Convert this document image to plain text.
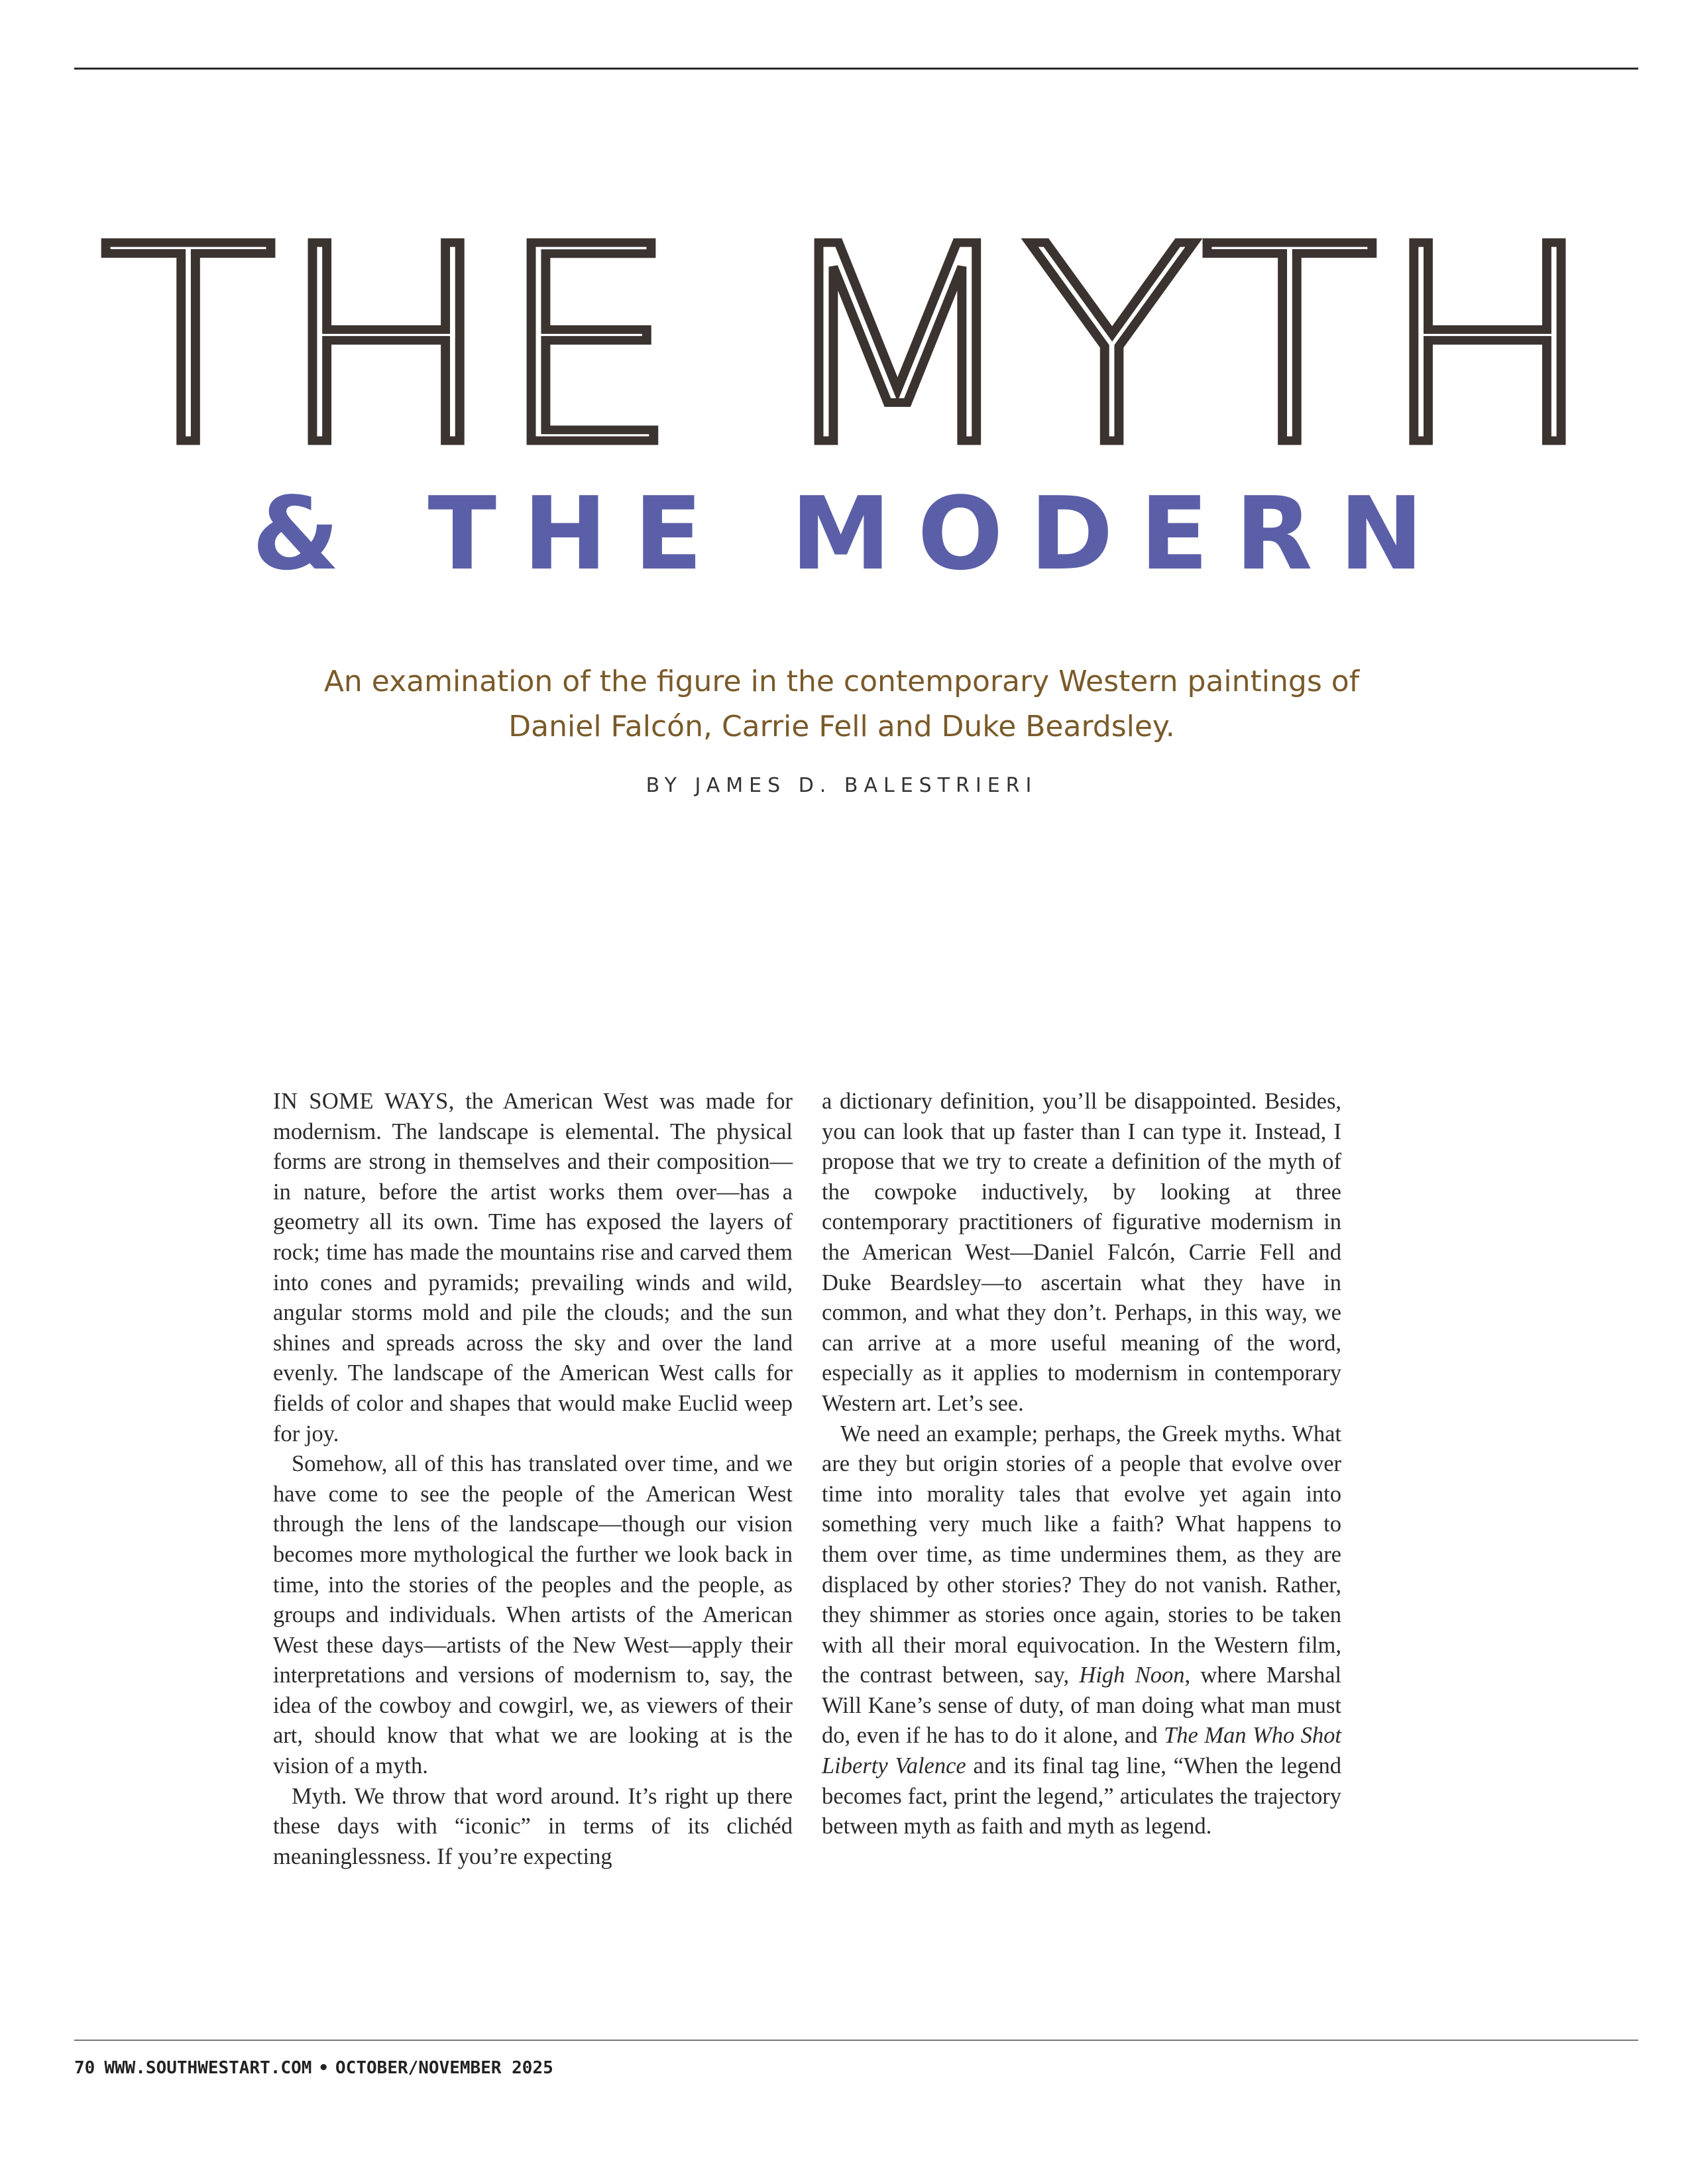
THE MYTH
& THE MODERN
An examination of the figure in the contemporary Western paintings of
Daniel Falcón, Carrie Fell and Duke Beardsley.
BY JAMES D. BALESTRIERI

IN SOME WAYS, the American West was made for modernism. The landscape is elemental. The physical forms are strong in themselves and their composition—in nature, before the artist works them over—has a geometry all its own. Time has exposed the layers of rock; time has made the mountains rise and carved them into cones and pyramids; prevailing winds and wild, angular storms mold and pile the clouds; and the sun shines and spreads across the sky and over the land evenly. The landscape of the American West calls for fields of color and shapes that would make Euclid weep for joy.

Somehow, all of this has translated over time, and we have come to see the people of the American West through the lens of the landscape—though our vision becomes more mythological the further we look back in time, into the stories of the peoples and the people, as groups and individuals. When artists of the American West these days—artists of the New West—apply their interpretations and versions of modernism to, say, the idea of the cowboy and cowgirl, we, as viewers of their art, should know that what we are looking at is the vision of a myth.

Myth. We throw that word around. It’s right up there these days with “iconic” in terms of its clichéd meaninglessness. If you’re expecting

a dictionary definition, you’ll be disappointed. Besides, you can look that up faster than I can type it. Instead, I propose that we try to create a definition of the myth of the cowpoke inductively, by looking at three contemporary practitioners of figurative modernism in the American West—Daniel Falcón, Carrie Fell and Duke Beardsley—to ascertain what they have in common, and what they don’t. Perhaps, in this way, we can arrive at a more useful meaning of the word, especially as it applies to modernism in contemporary Western art. Let’s see.

We need an example; perhaps, the Greek myths. What are they but origin stories of a people that evolve over time into morality tales that evolve yet again into something very much like a faith? What happens to them over time, as time undermines them, as they are displaced by other stories? They do not vanish. Rather, they shimmer as stories once again, stories to be taken with all their moral equivocation. In the Western film, the contrast between, say, High Noon, where Marshal Will Kane’s sense of duty, of man doing what man must do, even if he has to do it alone, and The Man Who Shot Liberty Valence and its final tag line, “When the legend becomes fact, print the legend,” articulates the trajectory between myth as faith and myth as legend.

70 WWW.SOUTHWESTART.COM • OCTOBER/NOVEMBER 2025
